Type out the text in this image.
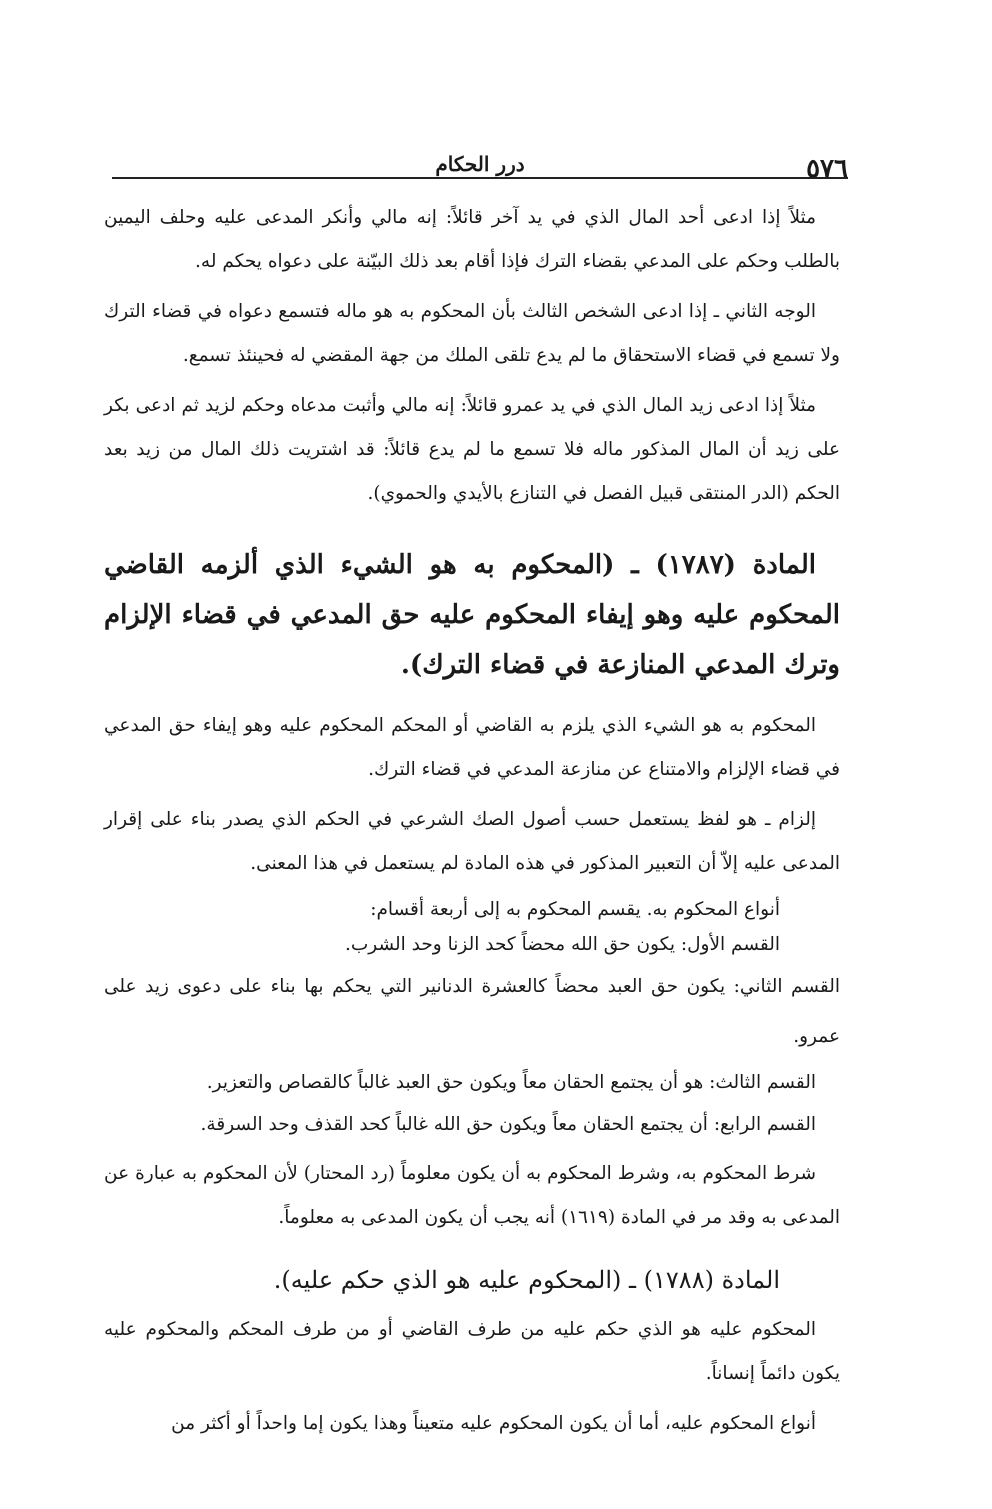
٥٧٦
درر الحكام

مثلاً إذا ادعى أحد المال الذي في يد آخر قائلاً: إنه مالي وأنكر المدعى عليه وحلف اليمين بالطلب وحكم على المدعي بقضاء الترك فإذا أقام بعد ذلك البيّنة على دعواه يحكم له.

الوجه الثاني ـ إذا ادعى الشخص الثالث بأن المحكوم به هو ماله فتسمع دعواه في قضاء الترك ولا تسمع في قضاء الاستحقاق ما لم يدع تلقى الملك من جهة المقضي له فحينئذ تسمع.

مثلاً إذا ادعى زيد المال الذي في يد عمرو قائلاً: إنه مالي وأثبت مدعاه وحكم لزيد ثم ادعى بكر على زيد أن المال المذكور ماله فلا تسمع ما لم يدع قائلاً: قد اشتريت ذلك المال من زيد بعد الحكم (الدر المنتقى قبيل الفصل في التنازع بالأيدي والحموي).

المادة (١٧٨٧) ـ (المحكوم به هو الشيء الذي ألزمه القاضي المحكوم عليه وهو إيفاء المحكوم عليه حق المدعي في قضاء الإلزام وترك المدعي المنازعة في قضاء الترك).

المحكوم به هو الشيء الذي يلزم به القاضي أو المحكم المحكوم عليه وهو إيفاء حق المدعي في قضاء الإلزام والامتناع عن منازعة المدعي في قضاء الترك.

إلزام ـ هو لفظ يستعمل حسب أصول الصك الشرعي في الحكم الذي يصدر بناء على إقرار المدعى عليه إلاّ أن التعبير المذكور في هذه المادة لم يستعمل في هذا المعنى.

أنواع المحكوم به. يقسم المحكوم به إلى أربعة أقسام:

القسم الأول: يكون حق الله محضاً كحد الزنا وحد الشرب.

القسم الثاني: يكون حق العبد محضاً كالعشرة الدنانير التي يحكم بها بناء على دعوى زيد على عمرو.

القسم الثالث: هو أن يجتمع الحقان معاً ويكون حق العبد غالباً كالقصاص والتعزير.

القسم الرابع: أن يجتمع الحقان معاً ويكون حق الله غالباً كحد القذف وحد السرقة.

شرط المحكوم به، وشرط المحكوم به أن يكون معلوماً (رد المحتار) لأن المحكوم به عبارة عن المدعى به وقد مر في المادة (١٦١٩) أنه يجب أن يكون المدعى به معلوماً.

المادة (١٧٨٨) ـ (المحكوم عليه هو الذي حكم عليه).

المحكوم عليه هو الذي حكم عليه من طرف القاضي أو من طرف المحكم والمحكوم عليه يكون دائماً إنساناً.

أنواع المحكوم عليه، أما أن يكون المحكوم عليه متعيناً وهذا يكون إما واحداً أو أكثر من
